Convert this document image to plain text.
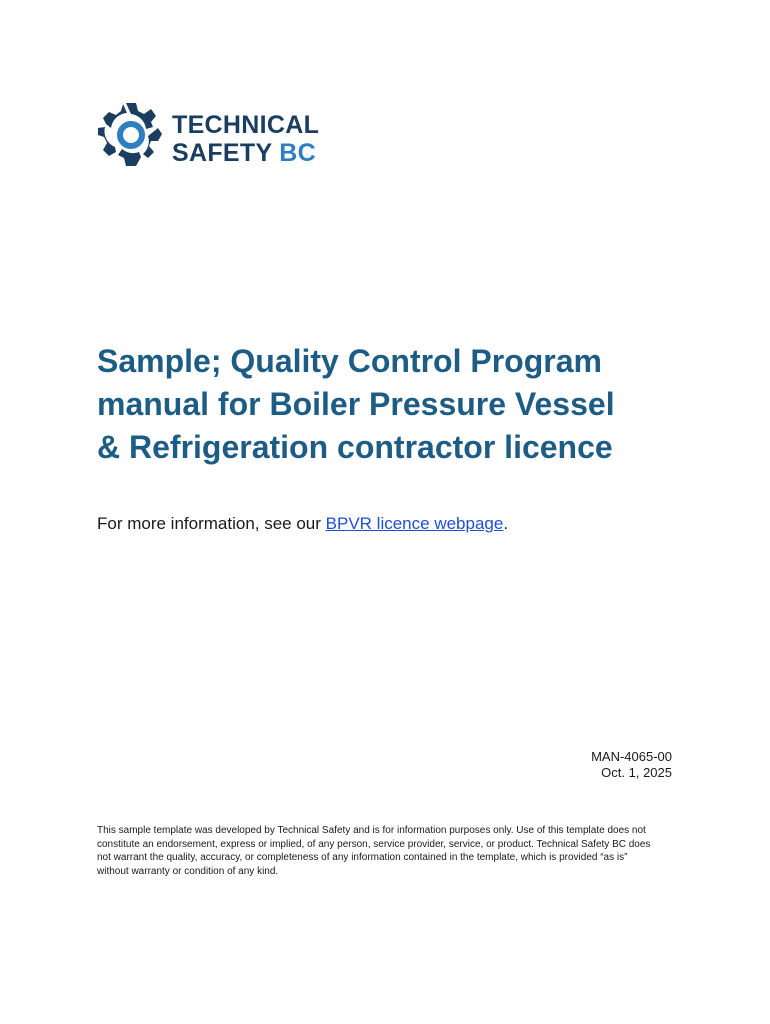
TECHNICAL
SAFETY BC
Sample; Quality Control Program
manual for Boiler Pressure Vessel
& Refrigeration contractor licence

For more information, see our BPVR licence webpage.

MAN-4065-00
Oct. 1, 2025

This sample template was developed by Technical Safety and is for information purposes only. Use of this template does not constitute an endorsement, express or implied, of any person, service provider, service, or product. Technical Safety BC does not warrant the quality, accuracy, or completeness of any information contained in the template, which is provided “as is” without warranty or condition of any kind.
